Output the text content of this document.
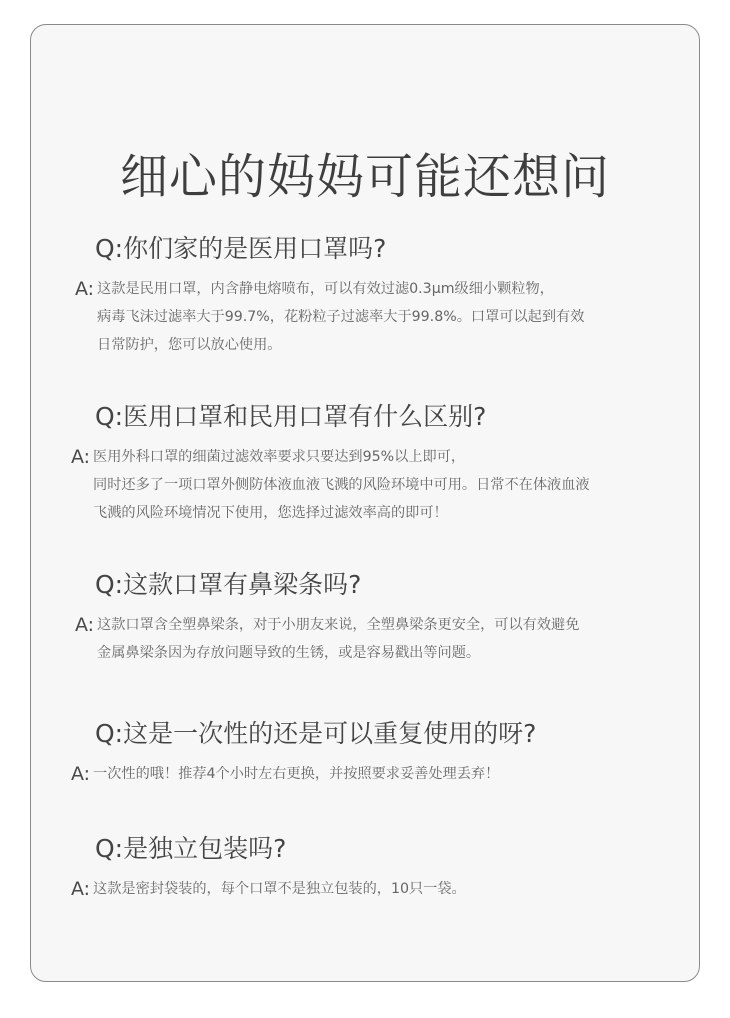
细心的妈妈可能还想问
Q:你们家的是医用口罩吗?
A: 这款是民用口罩，内含静电熔喷布，可以有效过滤0.3μm级细小颗粒物，
病毒飞沫过滤率大于99.7%，花粉粒子过滤率大于99.8%。口罩可以起到有效
日常防护，您可以放心使用。
Q:医用口罩和民用口罩有什么区别?
A: 医用外科口罩的细菌过滤效率要求只要达到95%以上即可，
同时还多了一项口罩外侧防体液血液飞溅的风险环境中可用。日常不在体液血液
飞溅的风险环境情况下使用，您选择过滤效率高的即可！
Q:这款口罩有鼻梁条吗?
A: 这款口罩含全塑鼻梁条，对于小朋友来说，全塑鼻梁条更安全，可以有效避免
金属鼻梁条因为存放问题导致的生锈，或是容易戳出等问题。
Q:这是一次性的还是可以重复使用的呀?
A: 一次性的哦！推荐4个小时左右更换，并按照要求妥善处理丢弃！
Q:是独立包装吗?
A: 这款是密封袋装的，每个口罩不是独立包装的，10只一袋。
